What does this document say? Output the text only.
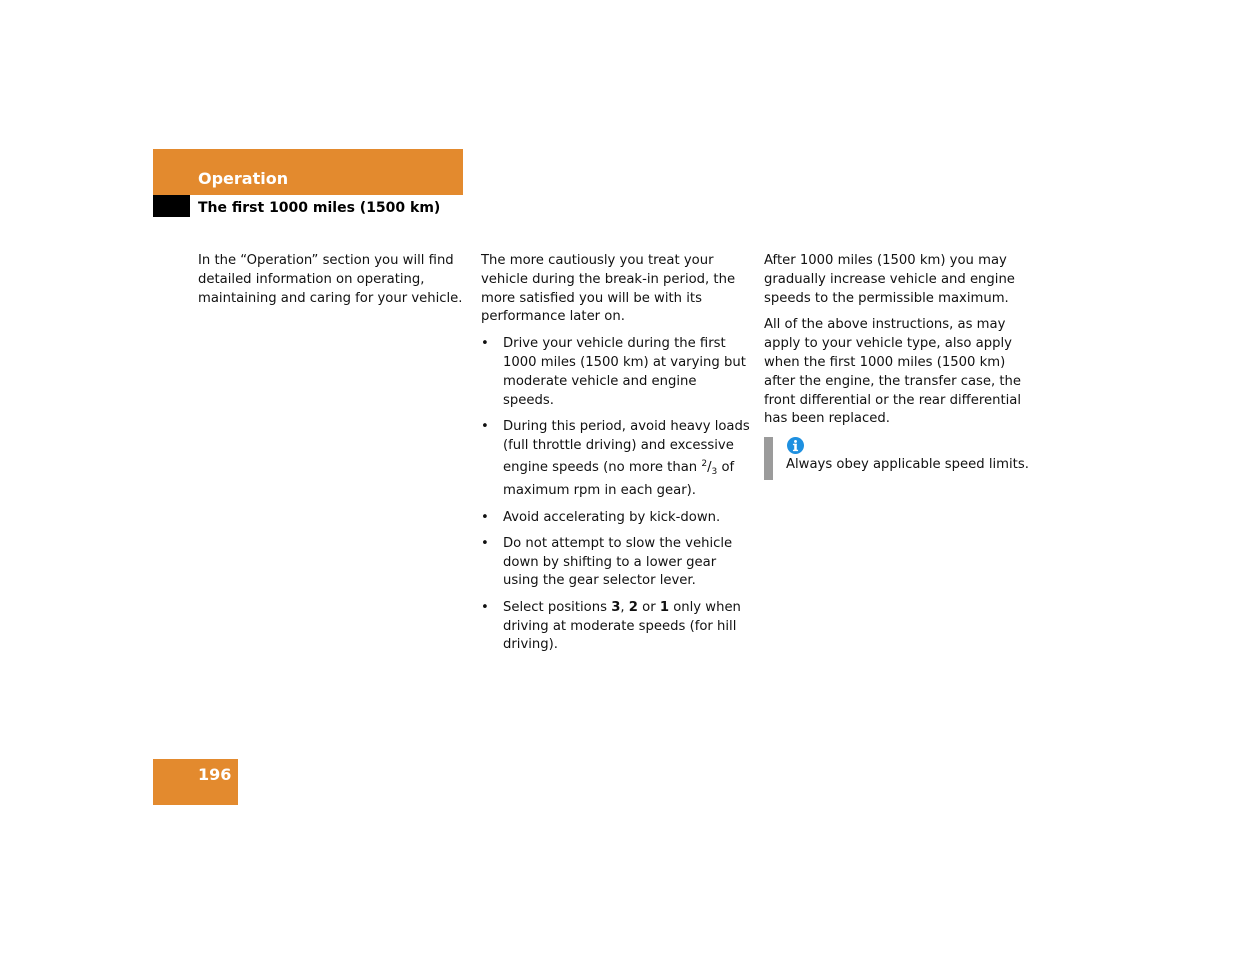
Operation
The first 1000 miles (1500 km)

In the “Operation” section you will find detailed information on operating, maintaining and caring for your vehicle.

The more cautiously you treat your vehicle during the break-in period, the more satisfied you will be with its performance later on.

• Drive your vehicle during the first 1000 miles (1500 km) at varying but moderate vehicle and engine speeds.
• During this period, avoid heavy loads (full throttle driving) and excessive engine speeds (no more than $^2/_3$ of maximum rpm in each gear).
• Avoid accelerating by kick-down.
• Do not attempt to slow the vehicle down by shifting to a lower gear using the gear selector lever.
• Select positions 3, 2 or 1 only when driving at moderate speeds (for hill driving).

After 1000 miles (1500 km) you may gradually increase vehicle and engine speeds to the permissible maximum.

All of the above instructions, as may apply to your vehicle type, also apply when the first 1000 miles (1500 km) after the engine, the transfer case, the front differential or the rear differential has been replaced.

Always obey applicable speed limits.
196
